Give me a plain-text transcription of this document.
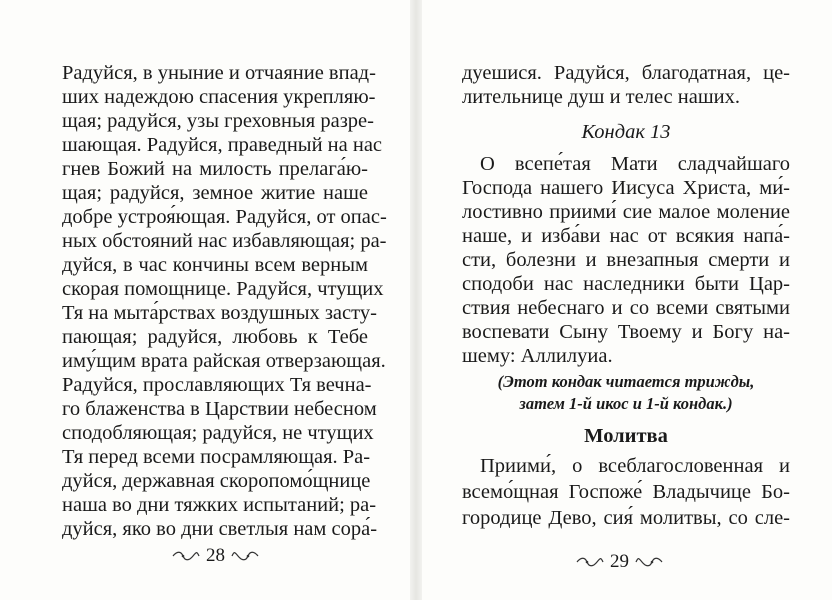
Радуйся, в уныние и отчаяние впад-
ших надеждою спасения укрепляю-
щая; радуйся, узы греховныя разре-
шающая. Радуйся, праведный на нас
гнев Божий на милость прелага́ю-
щая; радуйся, земное житие наше
добре устроя́ющая. Радуйся, от опас-
ных обстояний нас избавляющая; ра-
дуйся, в час кончины всем верным
скорая помощнице. Радуйся, чтущих
Тя на мыта́рствах воздушных засту-
пающая; радуйся, любовь к Тебе
иму́щим врата райская отверзающая.
Радуйся, прославляющих Тя вечна-
го блаженства в Царствии небесном
сподобляющая; радуйся, не чтущих
Тя перед всеми посрамляющая. Ра-
дуйся, державная скоропомо́щнице
наша во дни тяжких испытаний; ра-
дуйся, яко во дни светлыя нам сора́-
28
дуешися. Радуйся, благодатная, це-
лительнице душ и телес наших.
Кондак 13
О всепе́тая Мати сладчайшаго
Господа нашего Иисуса Христа, ми́-
лостивно приими́ сие малое моление
наше, и изба́ви нас от всякия напа́-
сти, болезни и внезапныя смерти и
сподоби нас наследники быти Цар-
ствия небеснаго и со всеми святыми
воспевати Сыну Твоему и Богу на-
шему: Аллилуиа.
(Этот кондак читается трижды,
затем 1-й икос и 1-й кондак.)
Молитва
Приими́, о всеблагословенная и
всемо́щная Госпоже́ Владычице Бо-
городице Дево, сия́ молитвы, со сле-
29
